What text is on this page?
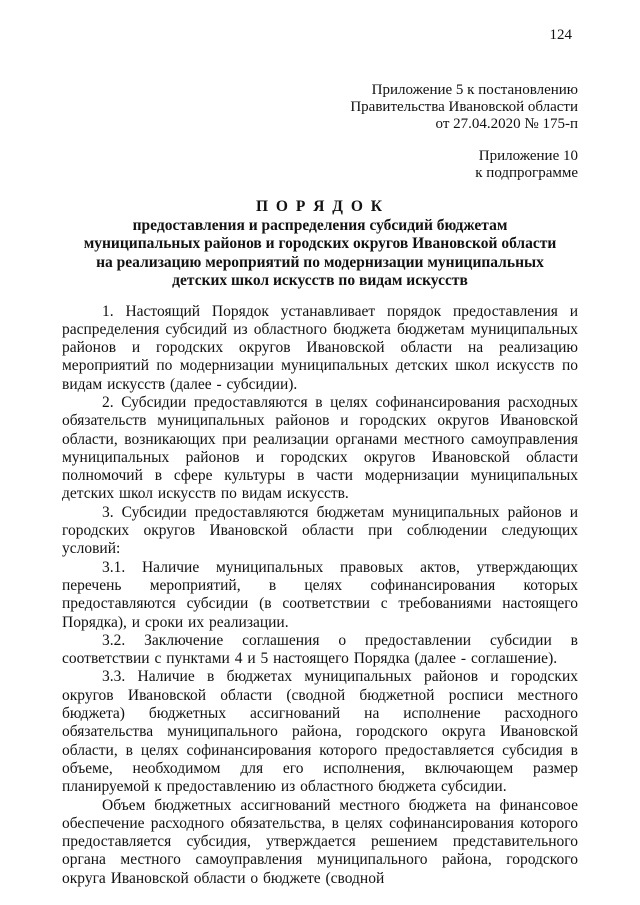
124
Приложение 5 к постановлению
Правительства Ивановской области
от 27.04.2020 № 175-п
Приложение 10
к подпрограмме
П О Р Я Д О К
предоставления и распределения субсидий бюджетам
муниципальных районов и городских округов Ивановской области
на реализацию мероприятий по модернизации муниципальных
детских школ искусств по видам искусств

1. Настоящий Порядок устанавливает порядок предоставления и распределения субсидий из областного бюджета бюджетам муниципальных районов и городских округов Ивановской области на реализацию мероприятий по модернизации муниципальных детских школ искусств по видам искусств (далее - субсидии).

2. Субсидии предоставляются в целях софинансирования расходных обязательств муниципальных районов и городских округов Ивановской области, возникающих при реализации органами местного самоуправления муниципальных районов и городских округов Ивановской области полномочий в сфере культуры в части модернизации муниципальных детских школ искусств по видам искусств.

3. Субсидии предоставляются бюджетам муниципальных районов и городских округов Ивановской области при соблюдении следующих условий:

3.1. Наличие муниципальных правовых актов, утверждающих перечень мероприятий, в целях софинансирования которых предоставляются субсидии (в соответствии с требованиями настоящего Порядка), и сроки их реализации.

3.2. Заключение соглашения о предоставлении субсидии в соответствии с пунктами 4 и 5 настоящего Порядка (далее - соглашение).

3.3. Наличие в бюджетах муниципальных районов и городских округов Ивановской области (сводной бюджетной росписи местного бюджета) бюджетных ассигнований на исполнение расходного обязательства муниципального района, городского округа Ивановской области, в целях софинансирования которого предоставляется субсидия в объеме, необходимом для его исполнения, включающем размер планируемой к предоставлению из областного бюджета субсидии.

Объем бюджетных ассигнований местного бюджета на финансовое обеспечение расходного обязательства, в целях софинансирования которого предоставляется субсидия, утверждается решением представительного органа местного самоуправления муниципального района, городского округа Ивановской области о бюджете (сводной
